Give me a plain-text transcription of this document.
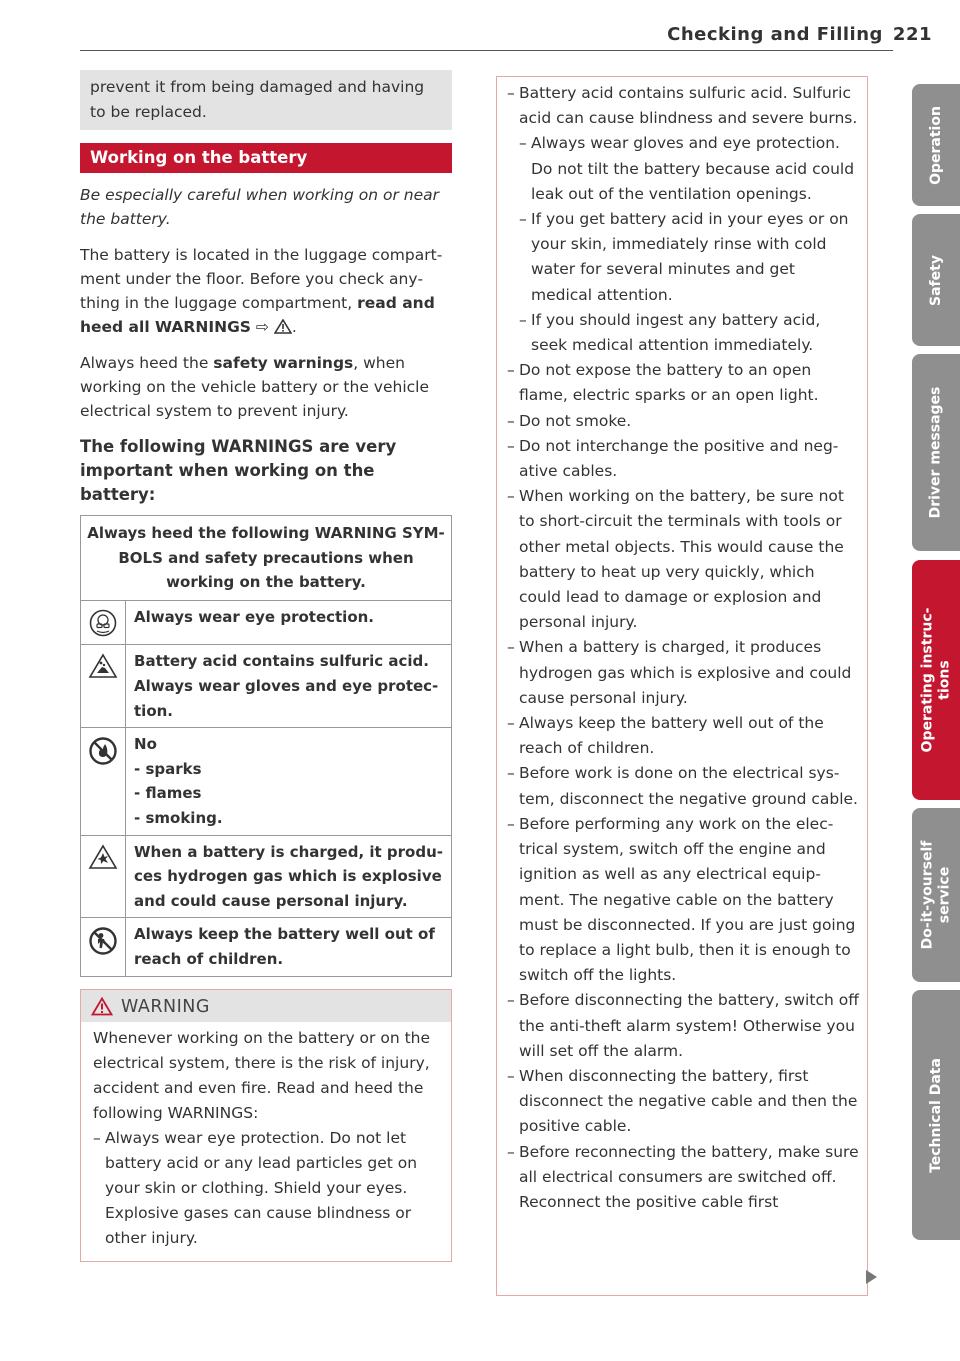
Checking and Filling 221
Operation
Safety
Driver messages
Operating instruc-
tions
Do-it-yourself
service
Technical Data
prevent it from being damaged and having to be replaced.
Working on the battery

Be especially careful when working on or near the battery.

The battery is located in the luggage compartment under the floor. Before you check anything in the luggage compartment, read and heed all WARNINGS ⇨ .

Always heed the safety warnings, when working on the vehicle battery or the vehicle electrical system to prevent injury.

The following WARNINGS are very important when working on the battery:
Always heed the following WARNING SYMBOLS and safety precautions when working on the battery.	

Always wear eye protection.

Battery acid contains sulfuric acid.
Always wear gloves and eye protec-
tion.

No
- sparks
- flames
- smoking.

When a battery is charged, it produ-
ces hydrogen gas which is explosive
and could cause personal injury.

Always keep the battery well out of
reach of children.
WARNING

Whenever working on the battery or on the electrical system, there is the risk of injury, accident and even fire. Read and heed the following WARNINGS:

– Always wear eye protection. Do not let battery acid or any lead particles get on your skin or clothing. Shield your eyes. Explosive gases can cause blindness or other injury.
– Battery acid contains sulfuric acid. Sulfuric acid can cause blindness and severe burns.
– Always wear gloves and eye protection. Do not tilt the battery because acid could leak out of the ventilation openings.
– If you get battery acid in your eyes or on your skin, immediately rinse with cold water for several minutes and get medical attention.
– If you should ingest any battery acid, seek medical attention immediately.
– Do not expose the battery to an open flame, electric sparks or an open light.
– Do not smoke.
– Do not interchange the positive and negative cables.
– When working on the battery, be sure not to short-circuit the terminals with tools or other metal objects. This would cause the battery to heat up very quickly, which could lead to damage or explosion and personal injury.
– When a battery is charged, it produces hydrogen gas which is explosive and could cause personal injury.
– Always keep the battery well out of the reach of children.
– Before work is done on the electrical system, disconnect the negative ground cable.
– Before performing any work on the electrical system, switch off the engine and ignition as well as any electrical equipment. The negative cable on the battery must be disconnected. If you are just going to replace a light bulb, then it is enough to switch off the lights.
– Before disconnecting the battery, switch off the anti-theft alarm system! Otherwise you will set off the alarm.
– When disconnecting the battery, first disconnect the negative cable and then the positive cable.
– Before reconnecting the battery, make sure all electrical consumers are switched off. Reconnect the positive cable first
